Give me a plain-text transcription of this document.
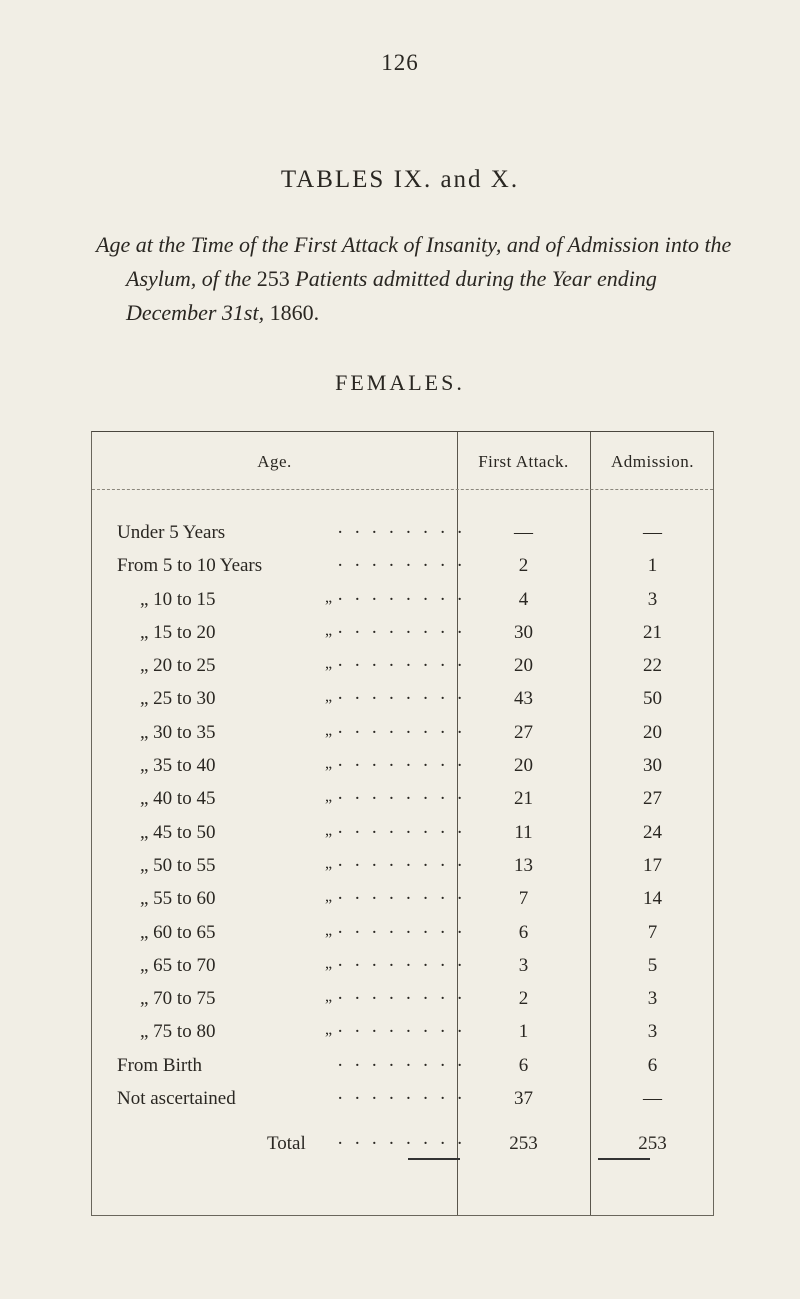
126
TABLES IX. and X.
Age at the Time of the First Attack of Insanity, and of Admission into the Asylum, of the 253 Patients admitted during the Year ending December 31st, 1860.
FEMALES.
Age.	First Attack.	Admission.
Under 5 Years	· · · · · · · ·	—	—
From 5 to 10 Years	· · · · · · · ·	2	1
„ 10 to 15	„ · · · · · · · ·	4	3
„ 15 to 20	„ · · · · · · · ·	30	21
„ 20 to 25	„ · · · · · · · ·	20	22
„ 25 to 30	„ · · · · · · · ·	43	50
„ 30 to 35	„ · · · · · · · ·	27	20
„ 35 to 40	„ · · · · · · · ·	20	30
„ 40 to 45	„ · · · · · · · ·	21	27
„ 45 to 50	„ · · · · · · · ·	11	24
„ 50 to 55	„ · · · · · · · ·	13	17
„ 55 to 60	„ · · · · · · · ·	7	14
„ 60 to 65	„ · · · · · · · ·	6	7
„ 65 to 70	„ · · · · · · · ·	3	5
„ 70 to 75	„ · · · · · · · ·	2	3
„ 75 to 80	„ · · · · · · · ·	1	3
From Birth	· · · · · · · ·	6	6
Not ascertained	· · · · · · · ·	37	—
Total · · · · · · · ·	253	253
